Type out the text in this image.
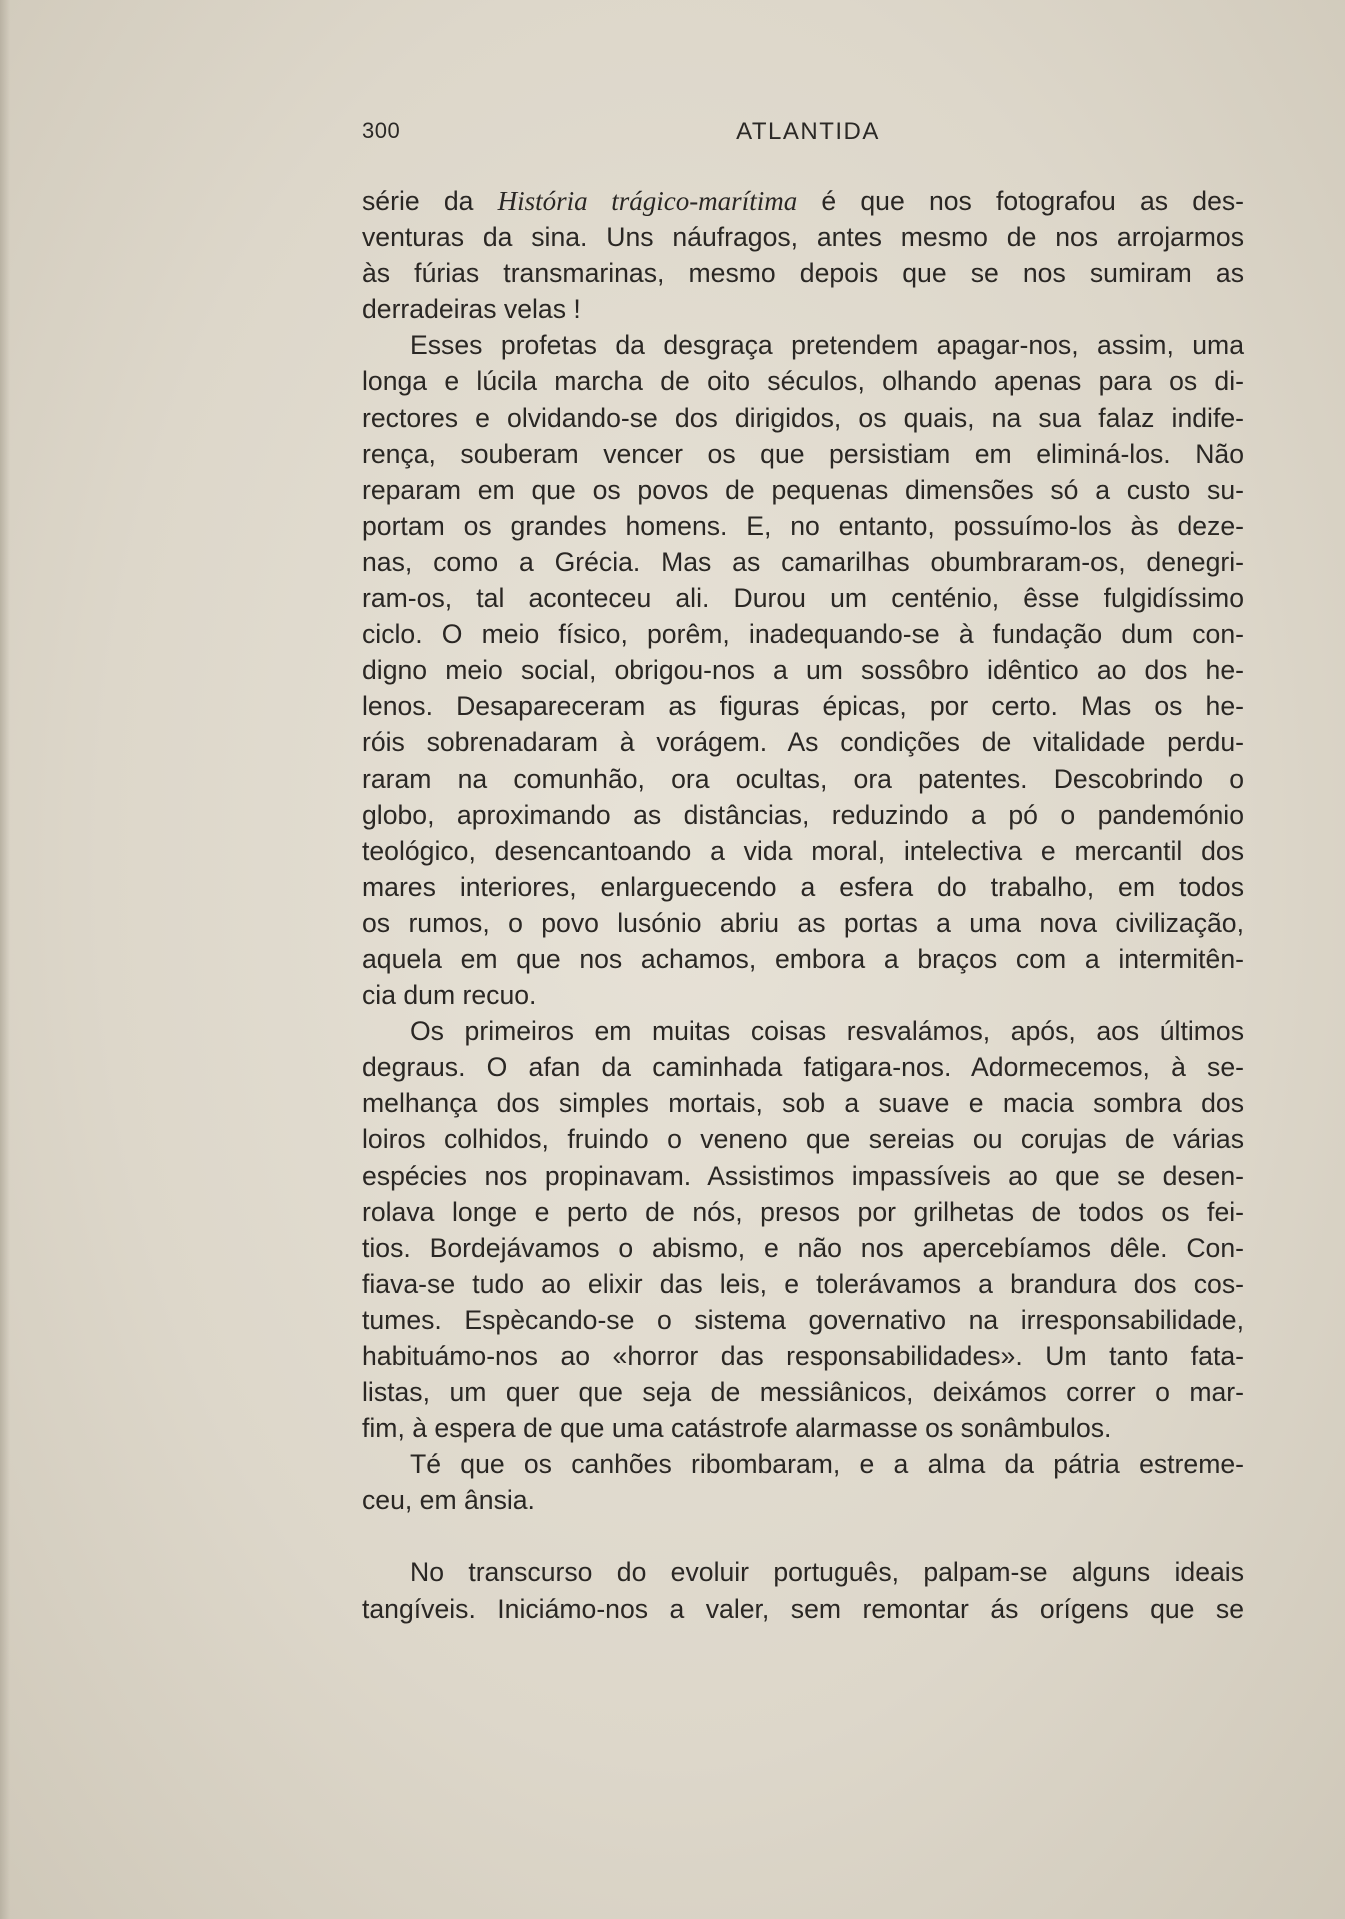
300	ATLANTIDA
série da História trágico-marítima é que nos fotografou as des-
venturas da sina. Uns náufragos, antes mesmo de nos arrojarmos
às fúrias transmarinas, mesmo depois que se nos sumiram as
derradeiras velas !
Esses profetas da desgraça pretendem apagar-nos, assim, uma
longa e lúcila marcha de oito séculos, olhando apenas para os di-
rectores e olvidando-se dos dirigidos, os quais, na sua falaz indife-
rença, souberam vencer os que persistiam em eliminá-los. Não
reparam em que os povos de pequenas dimensões só a custo su-
portam os grandes homens. E, no entanto, possuímo-los às deze-
nas, como a Grécia. Mas as camarilhas obumbraram-os, denegri-
ram-os, tal aconteceu ali. Durou um centénio, êsse fulgidíssimo
ciclo. O meio físico, porêm, inadequando-se à fundação dum con-
digno meio social, obrigou-nos a um sossôbro idêntico ao dos he-
lenos. Desapareceram as figuras épicas, por certo. Mas os he-
róis sobrenadaram à vorágem. As condições de vitalidade perdu-
raram na comunhão, ora ocultas, ora patentes. Descobrindo o
globo, aproximando as distâncias, reduzindo a pó o pandemónio
teológico, desencantoando a vida moral, intelectiva e mercantil dos
mares interiores, enlarguecendo a esfera do trabalho, em todos
os rumos, o povo lusónio abriu as portas a uma nova civilização,
aquela em que nos achamos, embora a braços com a intermitên-
cia dum recuo.
Os primeiros em muitas coisas resvalámos, após, aos últimos
degraus. O afan da caminhada fatigara-nos. Adormecemos, à se-
melhança dos simples mortais, sob a suave e macia sombra dos
loiros colhidos, fruindo o veneno que sereias ou corujas de várias
espécies nos propinavam. Assistimos impassíveis ao que se desen-
rolava longe e perto de nós, presos por grilhetas de todos os fei-
tios. Bordejávamos o abismo, e não nos apercebíamos dêle. Con-
fiava-se tudo ao elixir das leis, e tolerávamos a brandura dos cos-
tumes. Espècando-se o sistema governativo na irresponsabilidade,
habituámo-nos ao «horror das responsabilidades». Um tanto fata-
listas, um quer que seja de messiânicos, deixámos correr o mar-
fim, à espera de que uma catástrofe alarmasse os sonâmbulos.
Té que os canhões ribombaram, e a alma da pátria estreme-
ceu, em ânsia.
No transcurso do evoluir português, palpam-se alguns ideais
tangíveis. Iniciámo-nos a valer, sem remontar ás orígens que se
